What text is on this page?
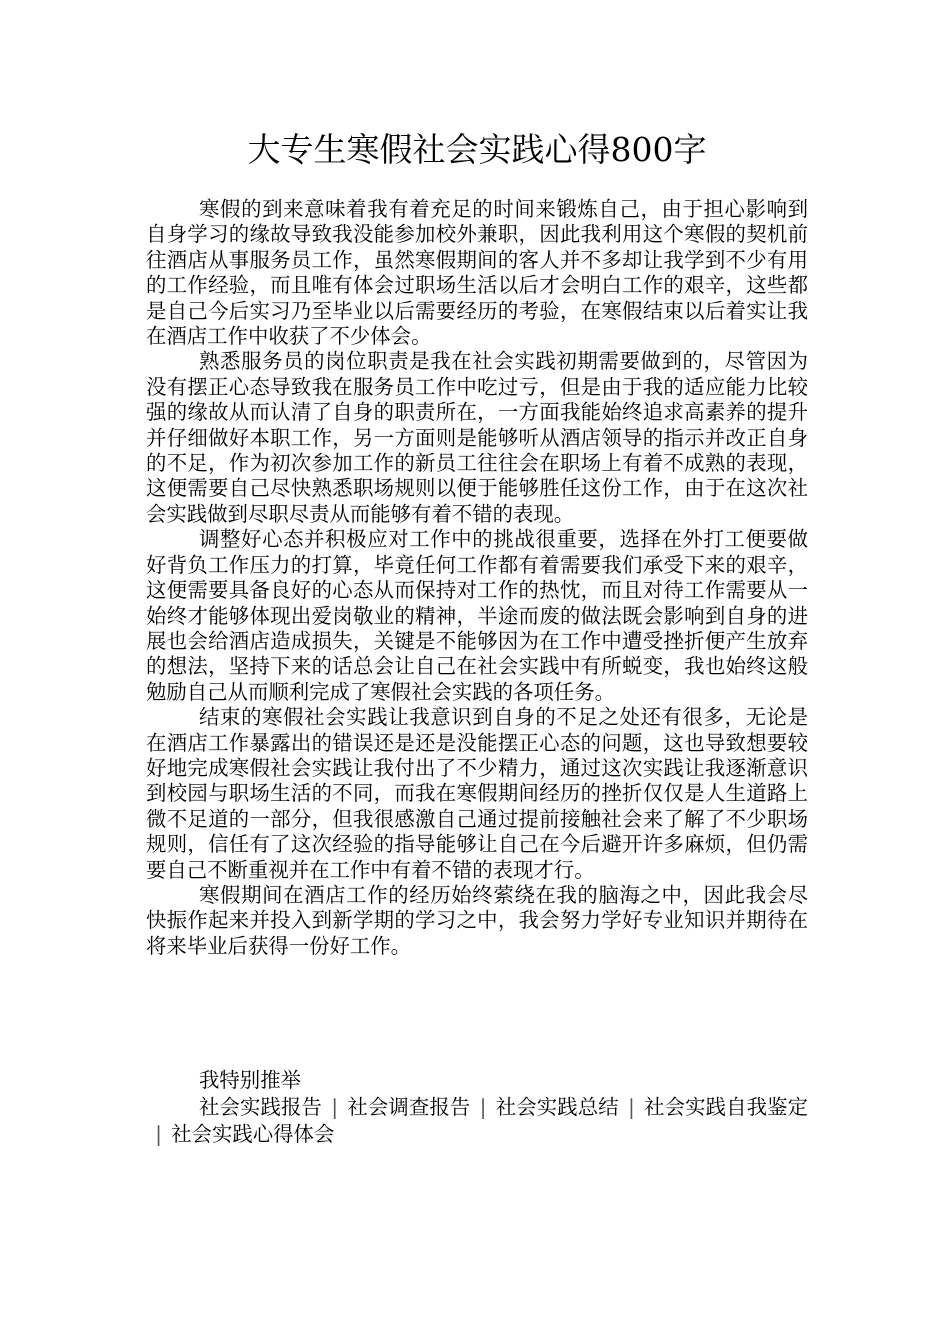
大专生寒假社会实践心得800字

寒假的到来意味着我有着充足的时间来锻炼自己，由于担心影响到自身学习的缘故导致我没能参加校外兼职，因此我利用这个寒假的契机前往酒店从事服务员工作，虽然寒假期间的客人并不多却让我学到不少有用的工作经验，而且唯有体会过职场生活以后才会明白工作的艰辛，这些都是自己今后实习乃至毕业以后需要经历的考验，在寒假结束以后着实让我在酒店工作中收获了不少体会。

熟悉服务员的岗位职责是我在社会实践初期需要做到的，尽管因为没有摆正心态导致我在服务员工作中吃过亏，但是由于我的适应能力比较强的缘故从而认清了自身的职责所在，一方面我能始终追求高素养的提升并仔细做好本职工作，另一方面则是能够听从酒店领导的指示并改正自身的不足，作为初次参加工作的新员工往往会在职场上有着不成熟的表现，这便需要自己尽快熟悉职场规则以便于能够胜任这份工作，由于在这次社会实践做到尽职尽责从而能够有着不错的表现。

调整好心态并积极应对工作中的挑战很重要，选择在外打工便要做好背负工作压力的打算，毕竟任何工作都有着需要我们承受下来的艰辛，这便需要具备良好的心态从而保持对工作的热忱，而且对待工作需要从一始终才能够体现出爱岗敬业的精神，半途而废的做法既会影响到自身的进展也会给酒店造成损失，关键是不能够因为在工作中遭受挫折便产生放弃的想法，坚持下来的话总会让自己在社会实践中有所蜕变，我也始终这般勉励自己从而顺利完成了寒假社会实践的各项任务。

结束的寒假社会实践让我意识到自身的不足之处还有很多，无论是在酒店工作暴露出的错误还是还是没能摆正心态的问题，这也导致想要较好地完成寒假社会实践让我付出了不少精力，通过这次实践让我逐渐意识到校园与职场生活的不同，而我在寒假期间经历的挫折仅仅是人生道路上微不足道的一部分，但我很感激自己通过提前接触社会来了解了不少职场规则，信任有了这次经验的指导能够让自己在今后避开许多麻烦，但仍需要自己不断重视并在工作中有着不错的表现才行。

寒假期间在酒店工作的经历始终萦绕在我的脑海之中，因此我会尽快振作起来并投入到新学期的学习之中，我会努力学好专业知识并期待在将来毕业后获得一份好工作。

我特别推举

社会实践报告 | 社会调查报告 | 社会实践总结 | 社会实践自我鉴定| 社会实践心得体会
